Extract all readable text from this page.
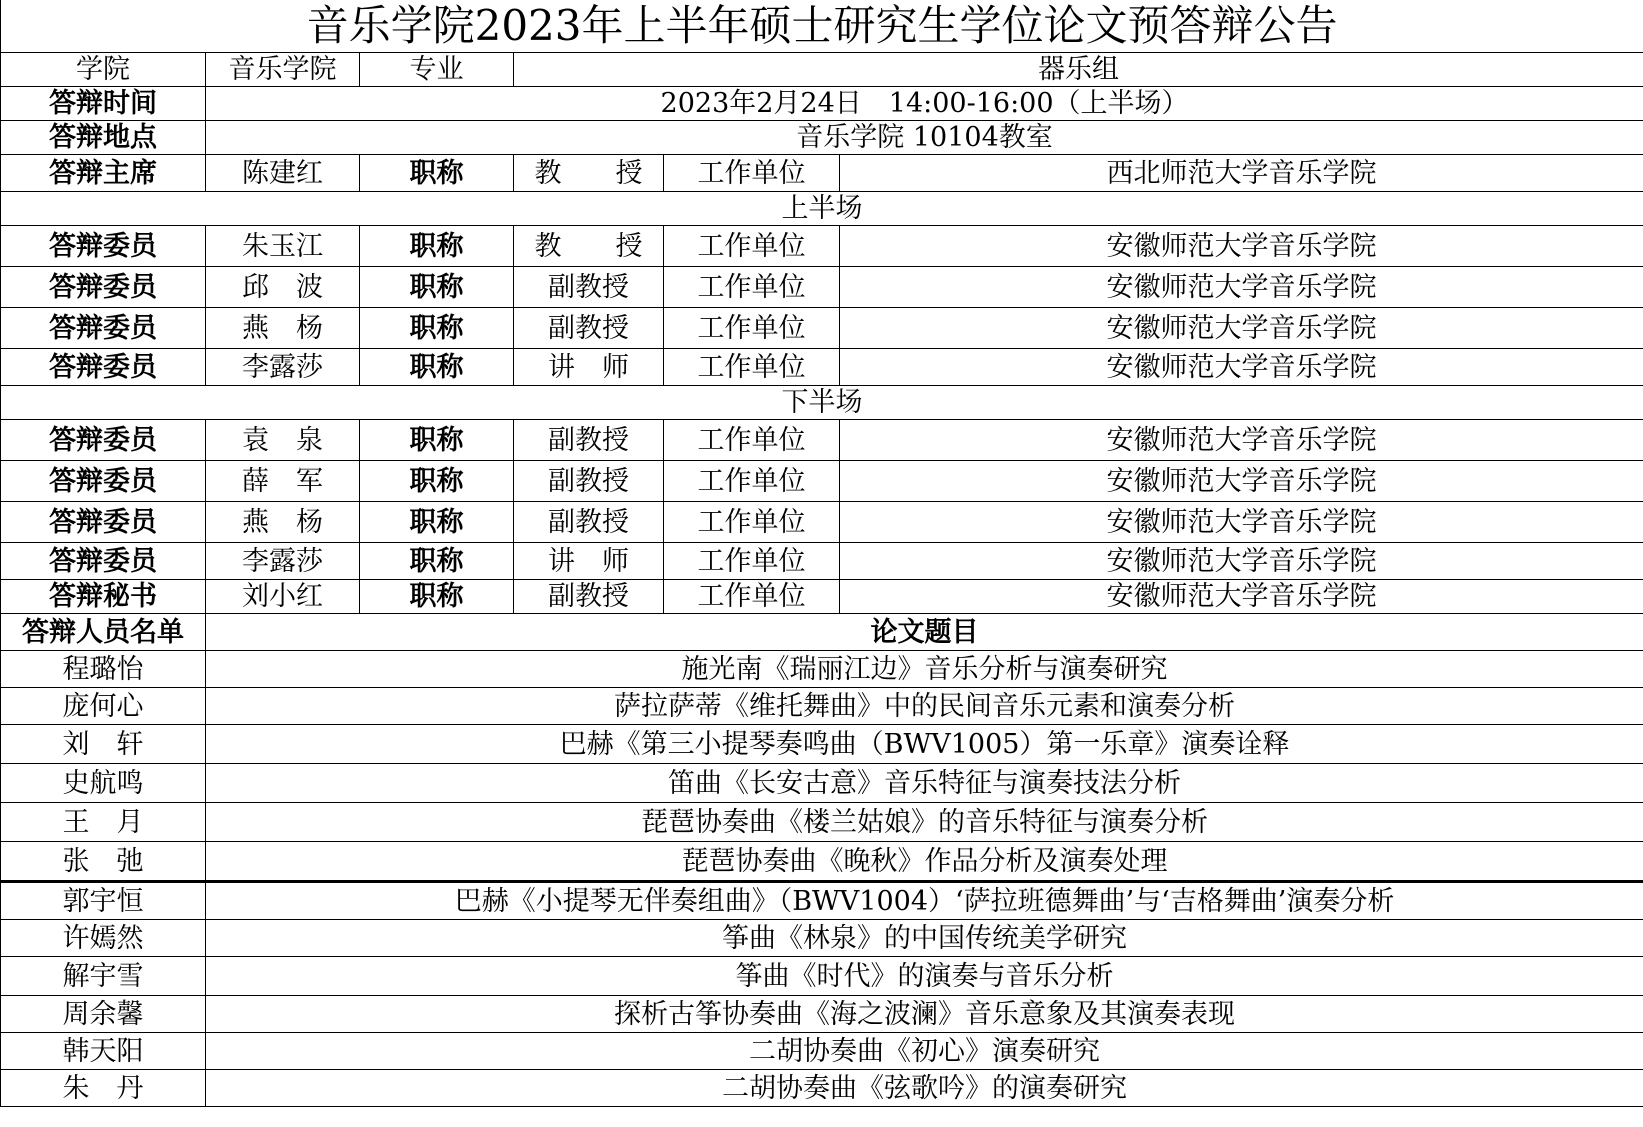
音乐学院2023年上半年硕士研究生学位论文预答辩公告					
学院	音乐学院	专业	器乐组		
答辩时间	2023年2月24日　14:00-16:00（上半场）				
答辩地点	音乐学院 10104教室				
答辩主席	陈建红	职称	教　　授	工作单位	西北师范大学音乐学院
上半场					
答辩委员	朱玉江	职称	教　　授	工作单位	安徽师范大学音乐学院
答辩委员	邱　波	职称	副教授	工作单位	安徽师范大学音乐学院
答辩委员	燕　杨	职称	副教授	工作单位	安徽师范大学音乐学院
答辩委员	李露莎	职称	讲　师	工作单位	安徽师范大学音乐学院
下半场					
答辩委员	袁　泉	职称	副教授	工作单位	安徽师范大学音乐学院
答辩委员	薛　军	职称	副教授	工作单位	安徽师范大学音乐学院
答辩委员	燕　杨	职称	副教授	工作单位	安徽师范大学音乐学院
答辩委员	李露莎	职称	讲　师	工作单位	安徽师范大学音乐学院
答辩秘书	刘小红	职称	副教授	工作单位	安徽师范大学音乐学院
答辩人员名单	论文题目				
程璐怡	施光南《瑞丽江边》音乐分析与演奏研究				
庞何心	萨拉萨蒂《维托舞曲》中的民间音乐元素和演奏分析				
刘　轩	巴赫《第三小提琴奏鸣曲（BWV1005）第一乐章》演奏诠释				
史航鸣	笛曲《长安古意》音乐特征与演奏技法分析				
王　月	琵琶协奏曲《楼兰姑娘》的音乐特征与演奏分析				
张　弛	琵琶协奏曲《晚秋》作品分析及演奏处理				
郭宇恒	巴赫《小提琴无伴奏组曲》（BWV1004）‘萨拉班德舞曲’与‘吉格舞曲’演奏分析				
许嫣然	筝曲《林泉》的中国传统美学研究				
解宇雪	筝曲《时代》的演奏与音乐分析				
周余馨	探析古筝协奏曲《海之波澜》音乐意象及其演奏表现				
韩天阳	二胡协奏曲《初心》演奏研究				
朱　丹	二胡协奏曲《弦歌吟》的演奏研究				
